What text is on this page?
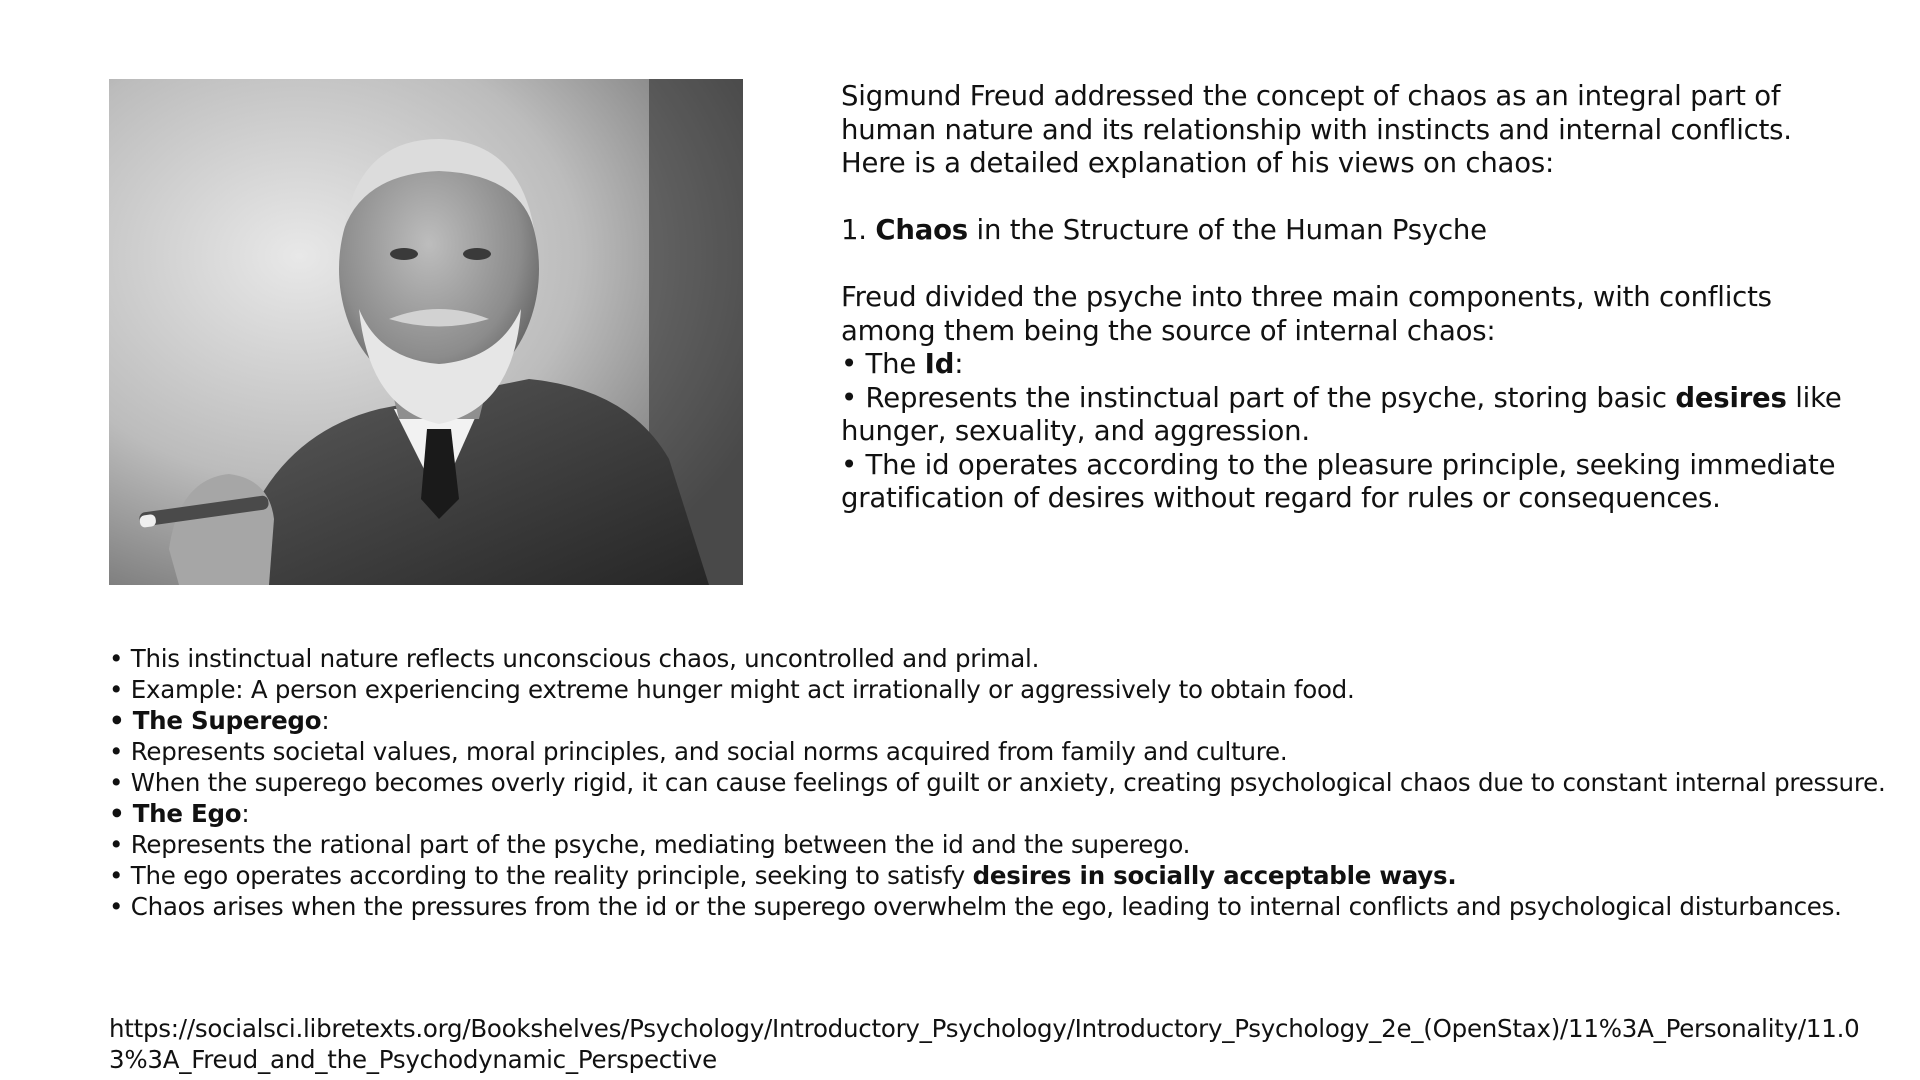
Sigmund Freud addressed the concept of chaos as an integral part of human nature and its relationship with instincts and internal conflicts. Here is a detailed explanation of his views on chaos:

1. Chaos in the Structure of the Human Psyche

Freud divided the psyche into three main components, with conflicts among them being the source of internal chaos:

• The Id:

• Represents the instinctual part of the psyche, storing basic desires like hunger, sexuality, and aggression.

• The id operates according to the pleasure principle, seeking immediate gratification of desires without regard for rules or consequences.

• This instinctual nature reflects unconscious chaos, uncontrolled and primal.

• Example: A person experiencing extreme hunger might act irrationally or aggressively to obtain food.

• The Superego:

• Represents societal values, moral principles, and social norms acquired from family and culture.

• When the superego becomes overly rigid, it can cause feelings of guilt or anxiety, creating psychological chaos due to constant internal pressure.

• The Ego:

• Represents the rational part of the psyche, mediating between the id and the superego.

• The ego operates according to the reality principle, seeking to satisfy desires in socially acceptable ways.

• Chaos arises when the pressures from the id or the superego overwhelm the ego, leading to internal conflicts and psychological disturbances.

https://socialsci.libretexts.org/Bookshelves/Psychology/Introductory_Psychology/Introductory_Psychology_2e_(OpenStax)/11%3A_Personality/11.03%3A_Freud_and_the_Psychodynamic_Perspective
